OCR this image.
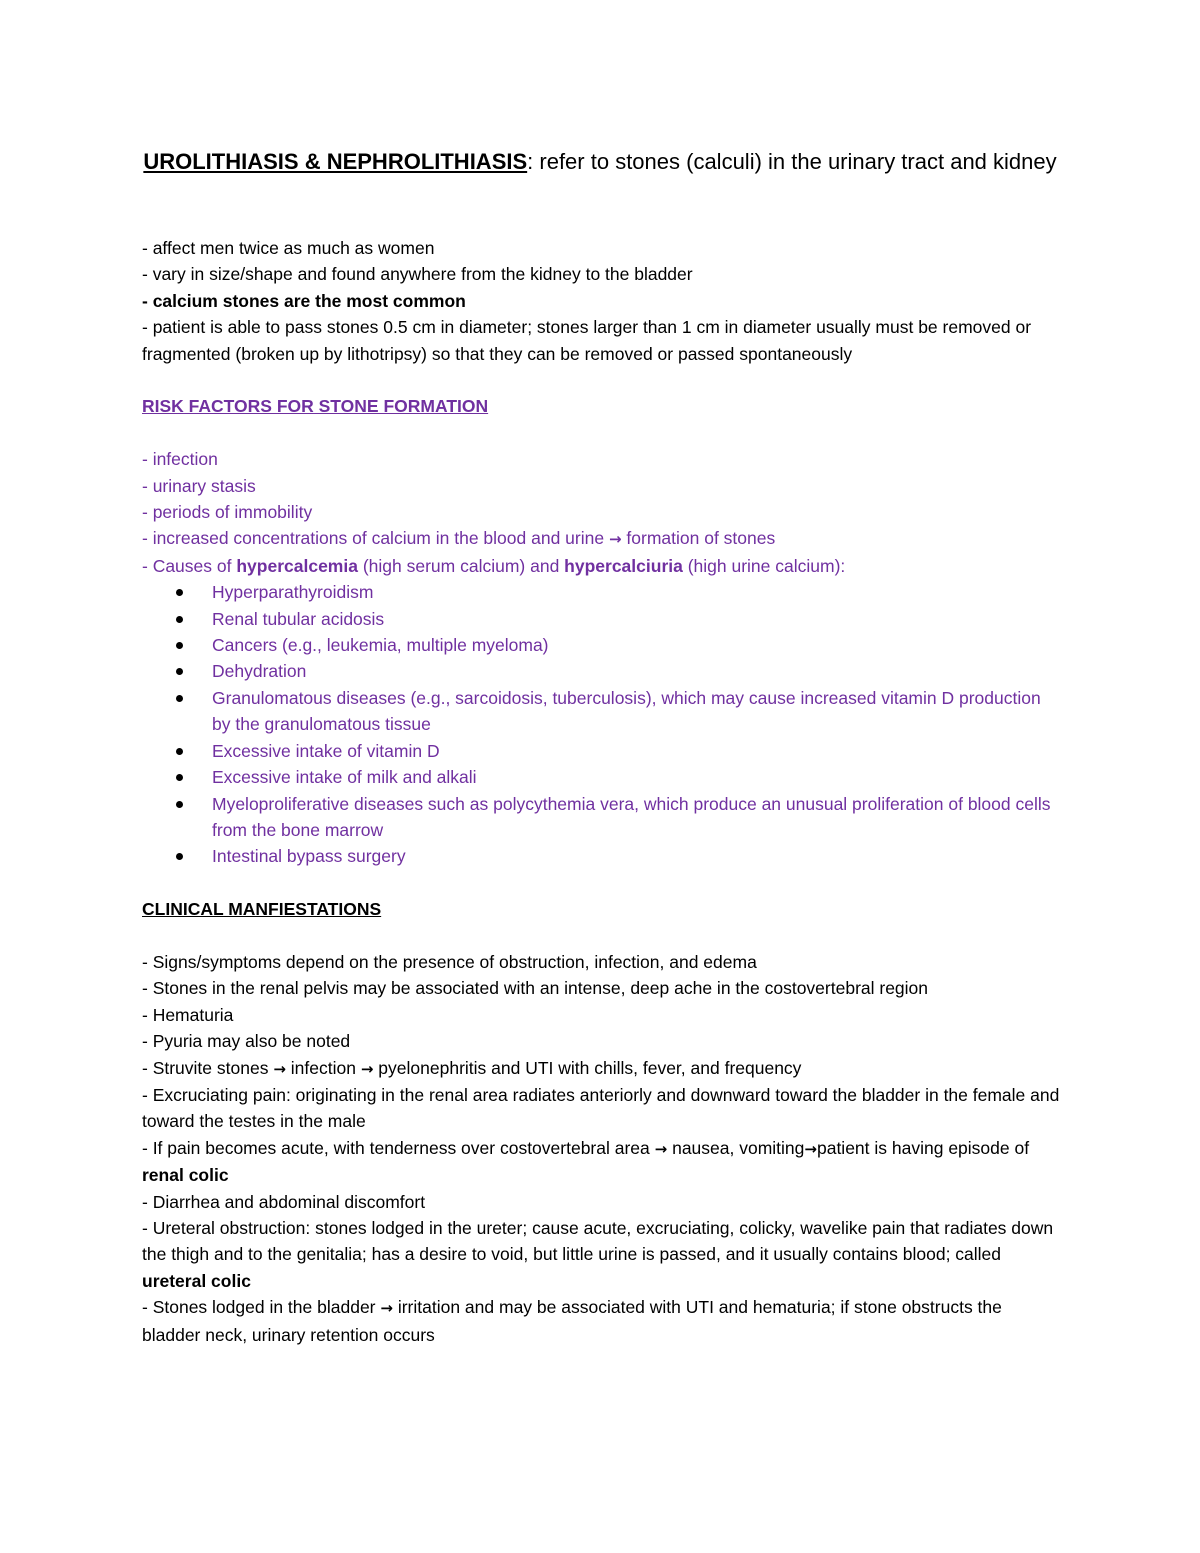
UROLITHIASIS & NEPHROLITHIASIS: refer to stones (calculi) in the urinary tract and kidney

- affect men twice as much as women

- vary in size/shape and found anywhere from the kidney to the bladder

- calcium stones are the most common

- patient is able to pass stones 0.5 cm in diameter; stones larger than 1 cm in diameter usually must be removed or fragmented (broken up by lithotripsy) so that they can be removed or passed spontaneously

RISK FACTORS FOR STONE FORMATION

- infection

- urinary stasis

- periods of immobility

- increased concentrations of calcium in the blood and urine → formation of stones

- Causes of hypercalcemia (high serum calcium) and hypercalciuria (high urine calcium):

Hyperparathyroidism
Renal tubular acidosis
Cancers (e.g., leukemia, multiple myeloma)
Dehydration
Granulomatous diseases (e.g., sarcoidosis, tuberculosis), which may cause increased vitamin D production by the granulomatous tissue
Excessive intake of vitamin D
Excessive intake of milk and alkali
Myeloproliferative diseases such as polycythemia vera, which produce an unusual proliferation of blood cells from the bone marrow
Intestinal bypass surgery

CLINICAL MANFIESTATIONS

- Signs/symptoms depend on the presence of obstruction, infection, and edema

- Stones in the renal pelvis may be associated with an intense, deep ache in the costovertebral region

- Hematuria

- Pyuria may also be noted

- Struvite stones → infection → pyelonephritis and UTI with chills, fever, and frequency

- Excruciating pain: originating in the renal area radiates anteriorly and downward toward the bladder in the female and toward the testes in the male

- If pain becomes acute, with tenderness over costovertebral area → nausea, vomiting→patient is having episode of renal colic

- Diarrhea and abdominal discomfort

- Ureteral obstruction: stones lodged in the ureter; cause acute, excruciating, colicky, wavelike pain that radiates down the thigh and to the genitalia; has a desire to void, but little urine is passed, and it usually contains blood; called ureteral colic

- Stones lodged in the bladder → irritation and may be associated with UTI and hematuria; if stone obstructs the bladder neck, urinary retention occurs
